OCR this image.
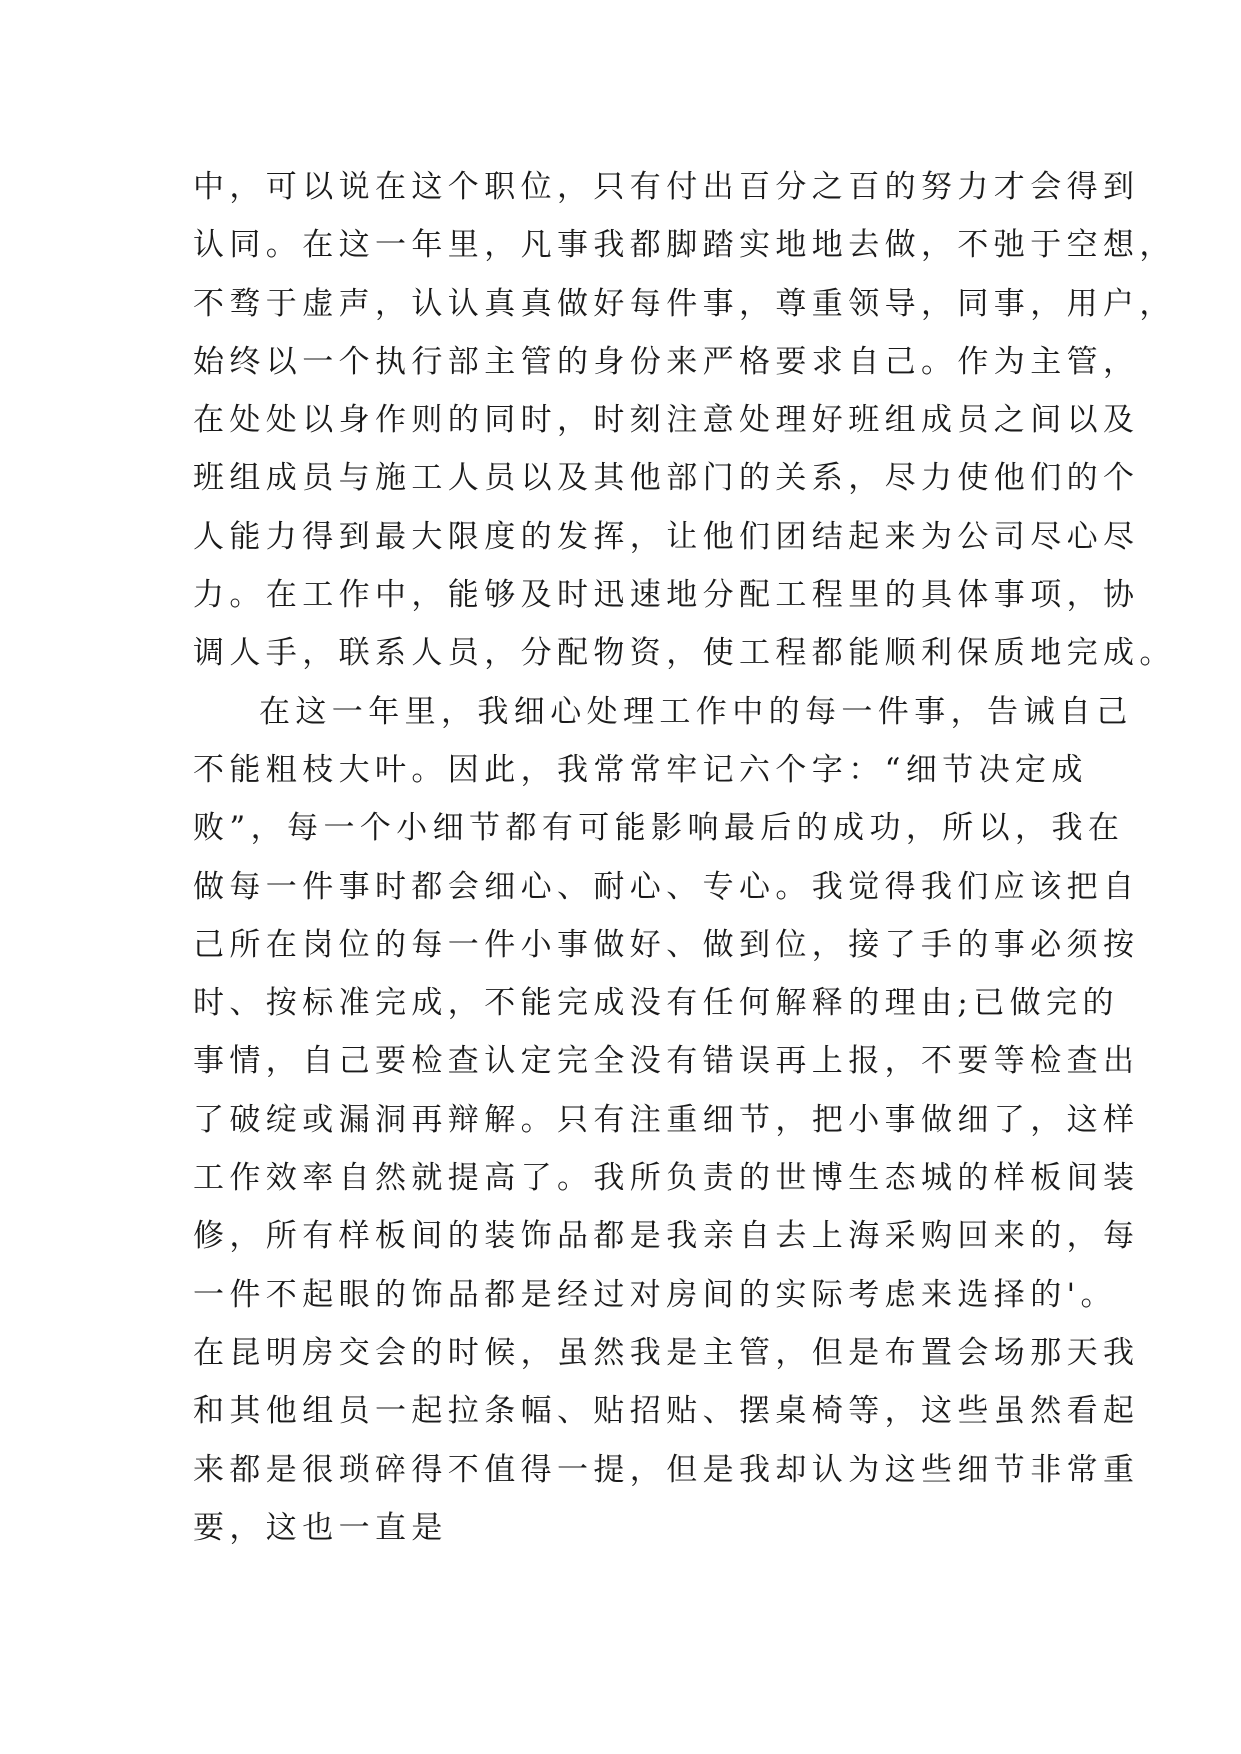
中，可以说在这个职位，只有付出百分之百的努力才会得到
认同。在这一年里，凡事我都脚踏实地地去做，不弛于空想，
不骛于虚声，认认真真做好每件事，尊重领导，同事，用户，
始终以一个执行部主管的身份来严格要求自己。作为主管，
在处处以身作则的同时，时刻注意处理好班组成员之间以及
班组成员与施工人员以及其他部门的关系，尽力使他们的个
人能力得到最大限度的发挥，让他们团结起来为公司尽心尽
力。在工作中，能够及时迅速地分配工程里的具体事项，协
调人手，联系人员，分配物资，使工程都能顺利保质地完成。
在这一年里，我细心处理工作中的每一件事，告诫自己
不能粗枝大叶。因此，我常常牢记六个字：“细节决定成
败”，每一个小细节都有可能影响最后的成功，所以，我在
做每一件事时都会细心、耐心、专心。我觉得我们应该把自
己所在岗位的每一件小事做好、做到位，接了手的事必须按
时、按标准完成，不能完成没有任何解释的理由;已做完的
事情，自己要检查认定完全没有错误再上报，不要等检查出
了破绽或漏洞再辩解。只有注重细节，把小事做细了，这样
工作效率自然就提高了。我所负责的世博生态城的样板间装
修，所有样板间的装饰品都是我亲自去上海采购回来的，每
一件不起眼的饰品都是经过对房间的实际考虑来选择的'。
在昆明房交会的时候，虽然我是主管，但是布置会场那天我
和其他组员一起拉条幅、贴招贴、摆桌椅等，这些虽然看起
来都是很琐碎得不值得一提，但是我却认为这些细节非常重
要，这也一直是
